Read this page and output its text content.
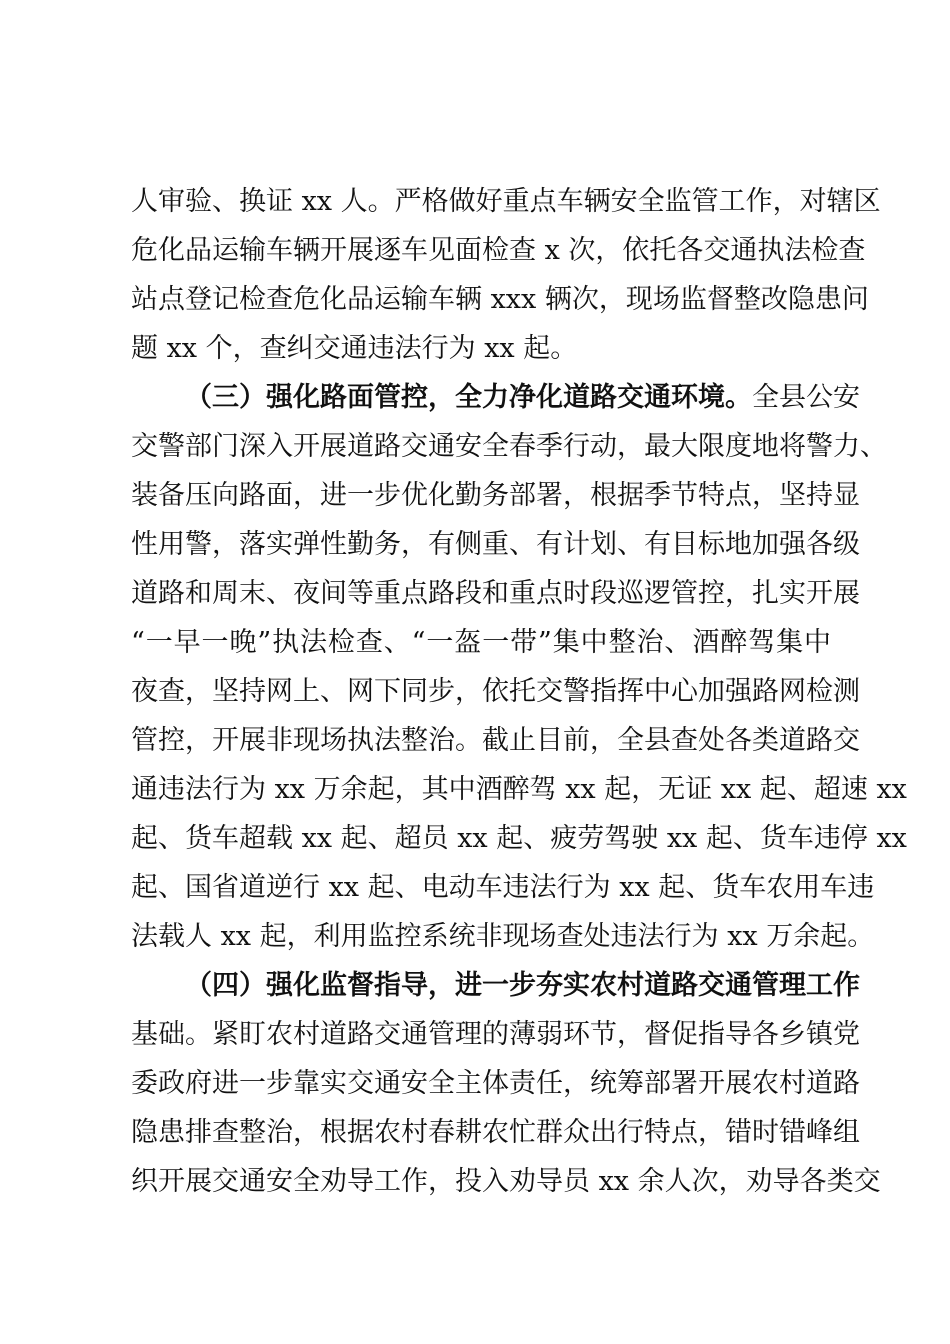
人审验、换证 xx 人。严格做好重点车辆安全监管工作，对辖区
危化品运输车辆开展逐车见面检查 x 次，依托各交通执法检查
站点登记检查危化品运输车辆 xxx 辆次，现场监督整改隐患问
题 xx 个，查纠交通违法行为 xx 起。
（三）强化路面管控，全力净化道路交通环境。全县公安
交警部门深入开展道路交通安全春季行动，最大限度地将警力、
装备压向路面，进一步优化勤务部署，根据季节特点，坚持显
性用警，落实弹性勤务，有侧重、有计划、有目标地加强各级
道路和周末、夜间等重点路段和重点时段巡逻管控，扎实开展
“一早一晚”执法检查、“一盔一带”集中整治、酒醉驾集中
夜查，坚持网上、网下同步，依托交警指挥中心加强路网检测
管控，开展非现场执法整治。截止目前，全县查处各类道路交
通违法行为 xx 万余起，其中酒醉驾 xx 起，无证 xx 起、超速 xx
起、货车超载 xx 起、超员 xx 起、疲劳驾驶 xx 起、货车违停 xx
起、国省道逆行 xx 起、电动车违法行为 xx 起、货车农用车违
法载人 xx 起，利用监控系统非现场查处违法行为 xx 万余起。
（四）强化监督指导，进一步夯实农村道路交通管理工作
基础。紧盯农村道路交通管理的薄弱环节，督促指导各乡镇党
委政府进一步靠实交通安全主体责任，统筹部署开展农村道路
隐患排查整治，根据农村春耕农忙群众出行特点，错时错峰组
织开展交通安全劝导工作，投入劝导员 xx 余人次，劝导各类交
